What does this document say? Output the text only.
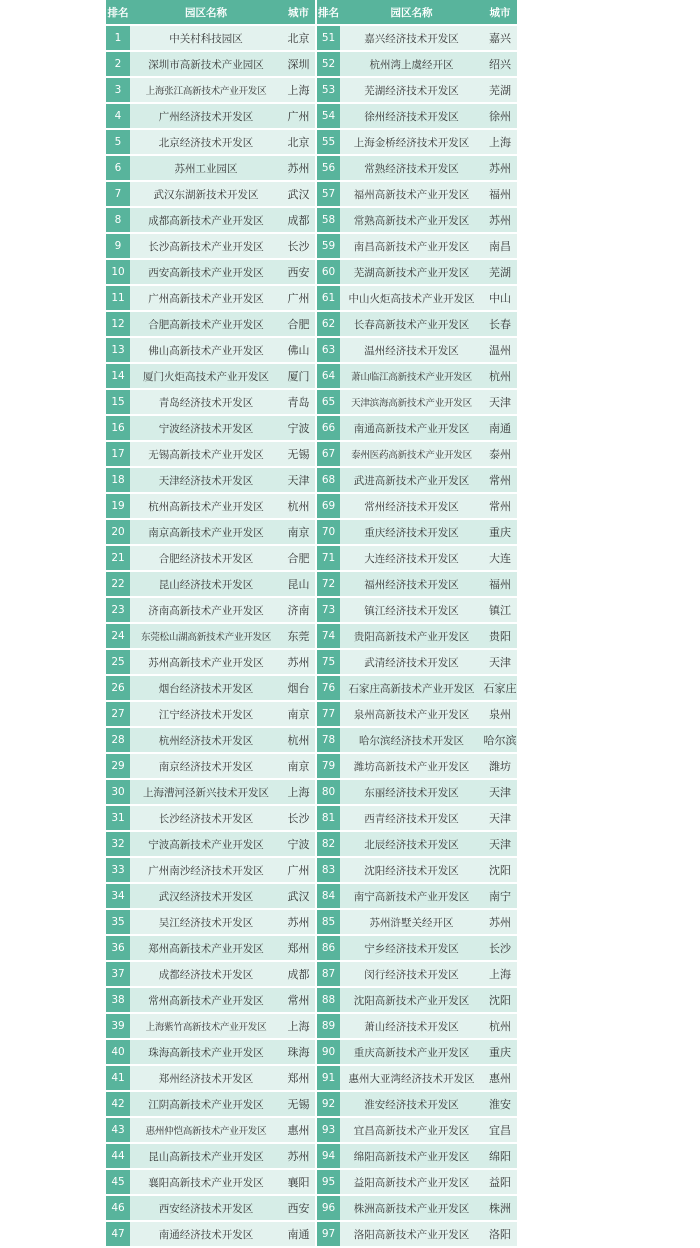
排名	园区名称	城市	排名	园区名称	城市
1	中关村科技园区	北京	51	嘉兴经济技术开发区	嘉兴
2	深圳市高新技术产业园区	深圳	52	杭州湾上虞经开区	绍兴
3	上海张江高新技术产业开发区	上海	53	芜湖经济技术开发区	芜湖
4	广州经济技术开发区	广州	54	徐州经济技术开发区	徐州
5	北京经济技术开发区	北京	55	上海金桥经济技术开发区	上海
6	苏州工业园区	苏州	56	常熟经济技术开发区	苏州
7	武汉东湖新技术开发区	武汉	57	福州高新技术产业开发区	福州
8	成都高新技术产业开发区	成都	58	常熟高新技术产业开发区	苏州
9	长沙高新技术产业开发区	长沙	59	南昌高新技术产业开发区	南昌
10	西安高新技术产业开发区	西安	60	芜湖高新技术产业开发区	芜湖
11	广州高新技术产业开发区	广州	61	中山火炬高技术产业开发区	中山
12	合肥高新技术产业开发区	合肥	62	长春高新技术产业开发区	长春
13	佛山高新技术产业开发区	佛山	63	温州经济技术开发区	温州
14	厦门火炬高技术产业开发区	厦门	64	萧山临江高新技术产业开发区	杭州
15	青岛经济技术开发区	青岛	65	天津滨海高新技术产业开发区	天津
16	宁波经济技术开发区	宁波	66	南通高新技术产业开发区	南通
17	无锡高新技术产业开发区	无锡	67	泰州医药高新技术产业开发区	泰州
18	天津经济技术开发区	天津	68	武进高新技术产业开发区	常州
19	杭州高新技术产业开发区	杭州	69	常州经济技术开发区	常州
20	南京高新技术产业开发区	南京	70	重庆经济技术开发区	重庆
21	合肥经济技术开发区	合肥	71	大连经济技术开发区	大连
22	昆山经济技术开发区	昆山	72	福州经济技术开发区	福州
23	济南高新技术产业开发区	济南	73	镇江经济技术开发区	镇江
24	东莞松山湖高新技术产业开发区	东莞	74	贵阳高新技术产业开发区	贵阳
25	苏州高新技术产业开发区	苏州	75	武清经济技术开发区	天津
26	烟台经济技术开发区	烟台	76	石家庄高新技术产业开发区	石家庄
27	江宁经济技术开发区	南京	77	泉州高新技术产业开发区	泉州
28	杭州经济技术开发区	杭州	78	哈尔滨经济技术开发区	哈尔滨
29	南京经济技术开发区	南京	79	潍坊高新技术产业开发区	潍坊
30	上海漕河泾新兴技术开发区	上海	80	东丽经济技术开发区	天津
31	长沙经济技术开发区	长沙	81	西青经济技术开发区	天津
32	宁波高新技术产业开发区	宁波	82	北辰经济技术开发区	天津
33	广州南沙经济技术开发区	广州	83	沈阳经济技术开发区	沈阳
34	武汉经济技术开发区	武汉	84	南宁高新技术产业开发区	南宁
35	吴江经济技术开发区	苏州	85	苏州浒墅关经开区	苏州
36	郑州高新技术产业开发区	郑州	86	宁乡经济技术开发区	长沙
37	成都经济技术开发区	成都	87	闵行经济技术开发区	上海
38	常州高新技术产业开发区	常州	88	沈阳高新技术产业开发区	沈阳
39	上海紫竹高新技术产业开发区	上海	89	萧山经济技术开发区	杭州
40	珠海高新技术产业开发区	珠海	90	重庆高新技术产业开发区	重庆
41	郑州经济技术开发区	郑州	91	惠州大亚湾经济技术开发区	惠州
42	江阴高新技术产业开发区	无锡	92	淮安经济技术开发区	淮安
43	惠州仲恺高新技术产业开发区	惠州	93	宜昌高新技术产业开发区	宜昌
44	昆山高新技术产业开发区	苏州	94	绵阳高新技术产业开发区	绵阳
45	襄阳高新技术产业开发区	襄阳	95	益阳高新技术产业开发区	益阳
46	西安经济技术开发区	西安	96	株洲高新技术产业开发区	株洲
47	南通经济技术开发区	南通	97	洛阳高新技术产业开发区	洛阳
